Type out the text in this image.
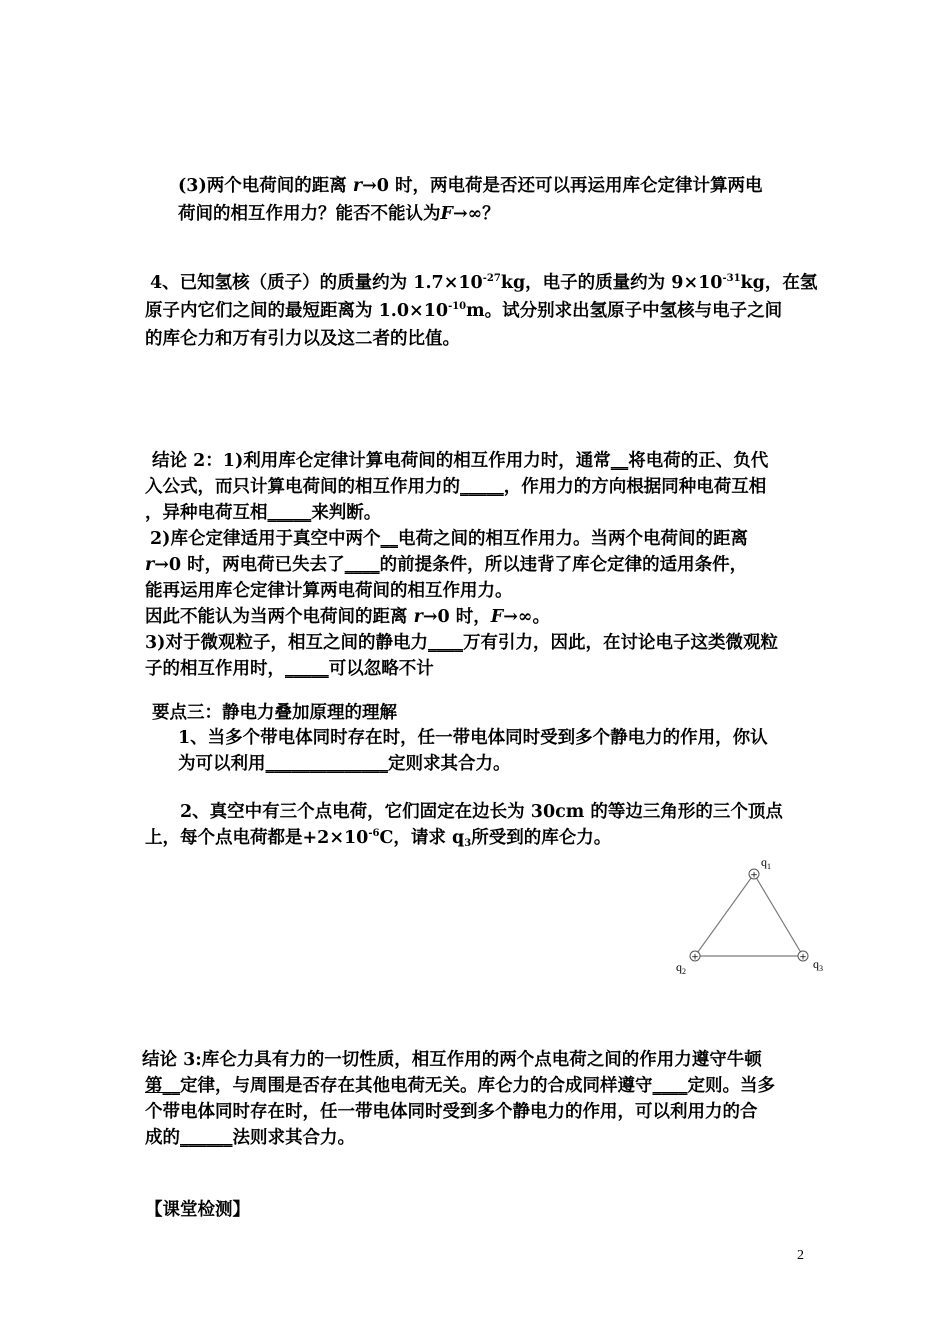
(3)两个电荷间的距离 r→0 时，两电荷是否还可以再运用库仑定律计算两电
荷间的相互作用力？能否不能认为F→∞？
4、已知氢核（质子）的质量约为 $1.7\times 10^{-27}kg$，电子的质量约为 $9\times 10^{-31}kg$，在氢
原子内它们之间的最短距离为 $1.0\times 10^{-10}m$。试分别求出氢原子中氢核与电子之间
的库仑力和万有引力以及这二者的比值。
结论 2：1)利用库仑定律计算电荷间的相互作用力时，通常__将电荷的正、负代
入公式，而只计算电荷间的相互作用力的_____，作用力的方向根据同种电荷互相
，异种电荷互相_____来判断。
2)库仑定律适用于真空中两个__电荷之间的相互作用力。当两个电荷间的距离
r→0 时，两电荷已失去了____的前提条件，所以违背了库仑定律的适用条件，
能再运用库仑定律计算两电荷间的相互作用力。
因此不能认为当两个电荷间的距离 r→0 时，F→∞。
3)对于微观粒子，相互之间的静电力____万有引力，因此，在讨论电子这类微观粒
子的相互作用时，_____可以忽略不计
要点三：静电力叠加原理的理解
1、当多个带电体同时存在时，任一带电体同时受到多个静电力的作用，你认
为可以利用______________定则求其合力。
2、真空中有三个点电荷，它们固定在边长为 30cm 的等边三角形的三个顶点
上，每个点电荷都是$+2\times 10^{-6}C$，请求 $q_3$所受到的库仑力。
+
+	+
$q_1$
$q_2$
$q_3$
结论 3:库仑力具有力的一切性质，相互作用的两个点电荷之间的作用力遵守牛顿
第__定律，与周围是否存在其他电荷无关。库仑力的合成同样遵守____定则。当多
个带电体同时存在时，任一带电体同时受到多个静电力的作用，可以利用力的合
成的______法则求其合力。
【课堂检测】
2
